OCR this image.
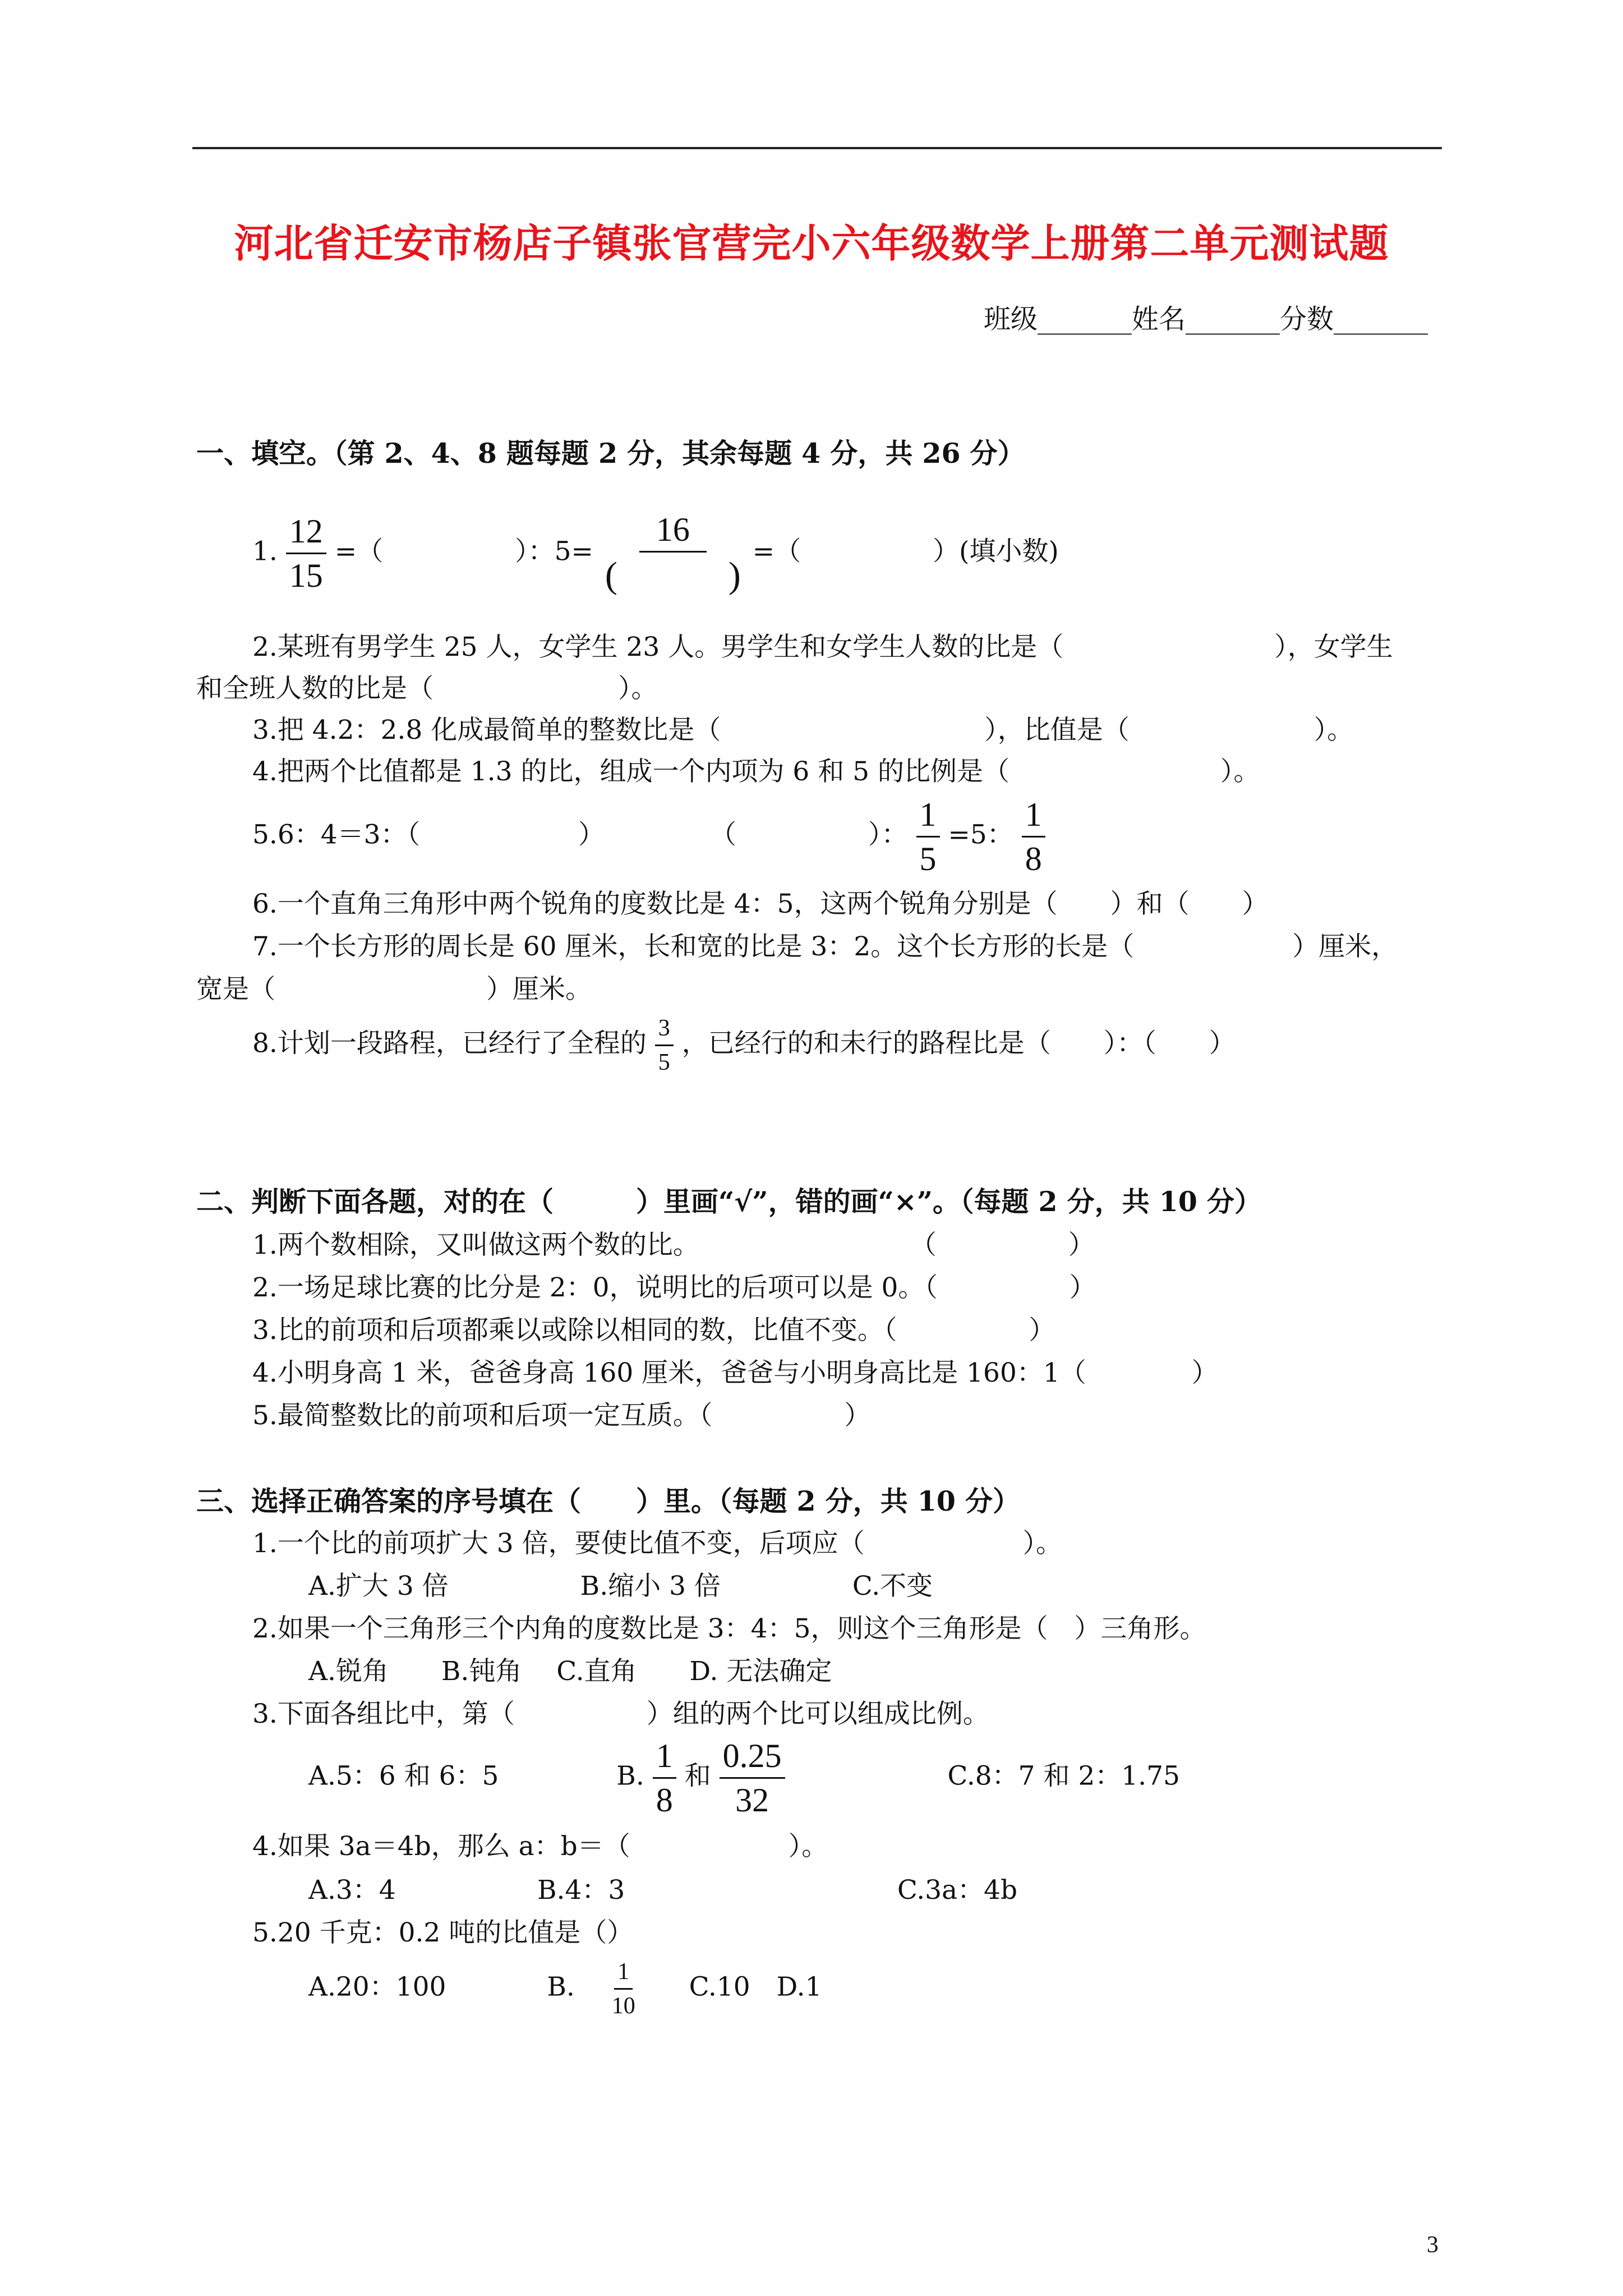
河北省迁安市杨店子镇张官营完小六年级数学上册第二单元测试题
班级_______姓名_______分数_______
一、填空。（第 2、4、8 题每题 2 分，其余每题 4 分，共 26 分）
1. $\frac{12}{15}$ =（　　　　　）：$5= \frac{16}{( )}$ =（　　　　　）(填小数)
2.某班有男学生 25 人，女学生 23 人。男学生和女学生人数的比是（　　　　　　　　），女学生
和全班人数的比是（　　　　　　　）。
3.把 4.2：2.8 化成最简单的整数比是（　　　　　　　　　　），比值是（　　　　　　　）。
4.把两个比值都是 1.3 的比，组成一个内项为 6 和 5 的比例是（　　　　　　　　）。
5.6：4＝3：（　　　　　　）　　　　　（　　　　　）： $\frac{1}{5} =5$： $\frac{1}{8}$
6.一个直角三角形中两个锐角的度数比是 4：5，这两个锐角分别是（　　）和（　　）
7.一个长方形的周长是 60 厘米，长和宽的比是 3：2。这个长方形的长是（　　　　　　）厘米，
宽是（　　　　　　　　）厘米。
8.计划一段路程，已经行了全程的 $\frac{3}{5}$ ，已经行的和未行的路程比是（　　）：（　　）
二、判断下面各题，对的在（　　　）里画“√”，错的画“×”。（每题 2 分，共 10 分）
1.两个数相除，又叫做这两个数的比。　　　　　　　　　（　　　　　）
2.一场足球比赛的比分是 2：0，说明比的后项可以是 0。（　　　　　）
3.比的前项和后项都乘以或除以相同的数，比值不变。（　　　　　）
4.小明身高 1 米，爸爸身高 160 厘米，爸爸与小明身高比是 160：1（　　　　）
5.最简整数比的前项和后项一定互质。（　　　　　）
三、选择正确答案的序号填在（　　）里。（每题 2 分，共 10 分）
1.一个比的前项扩大 3 倍，要使比值不变，后项应（　　　　　　）。
A.扩大 3 倍　　　　　B.缩小 3 倍　　　　　C.不变
2.如果一个三角形三个内角的度数比是 3：4：5，则这个三角形是（　）三角形。
A.锐角　　B.钝角　 C.直角　　D. 无法确定
3.下面各组比中，第（　　　　　）组的两个比可以组成比例。
A.5：6 和 6：5	B. $\frac{1}{8}$ 和 $\frac{0.25}{32}$	C.8：7 和 2：1.75
4.如果 3a＝4b，那么 a：b＝（　　　　　　）。
A.3：4	B.4：3	C.3a：4b
5.20 千克：0.2 吨的比值是（）
A.20：100	B. $\frac{1}{10} C.10$　D.1
3
